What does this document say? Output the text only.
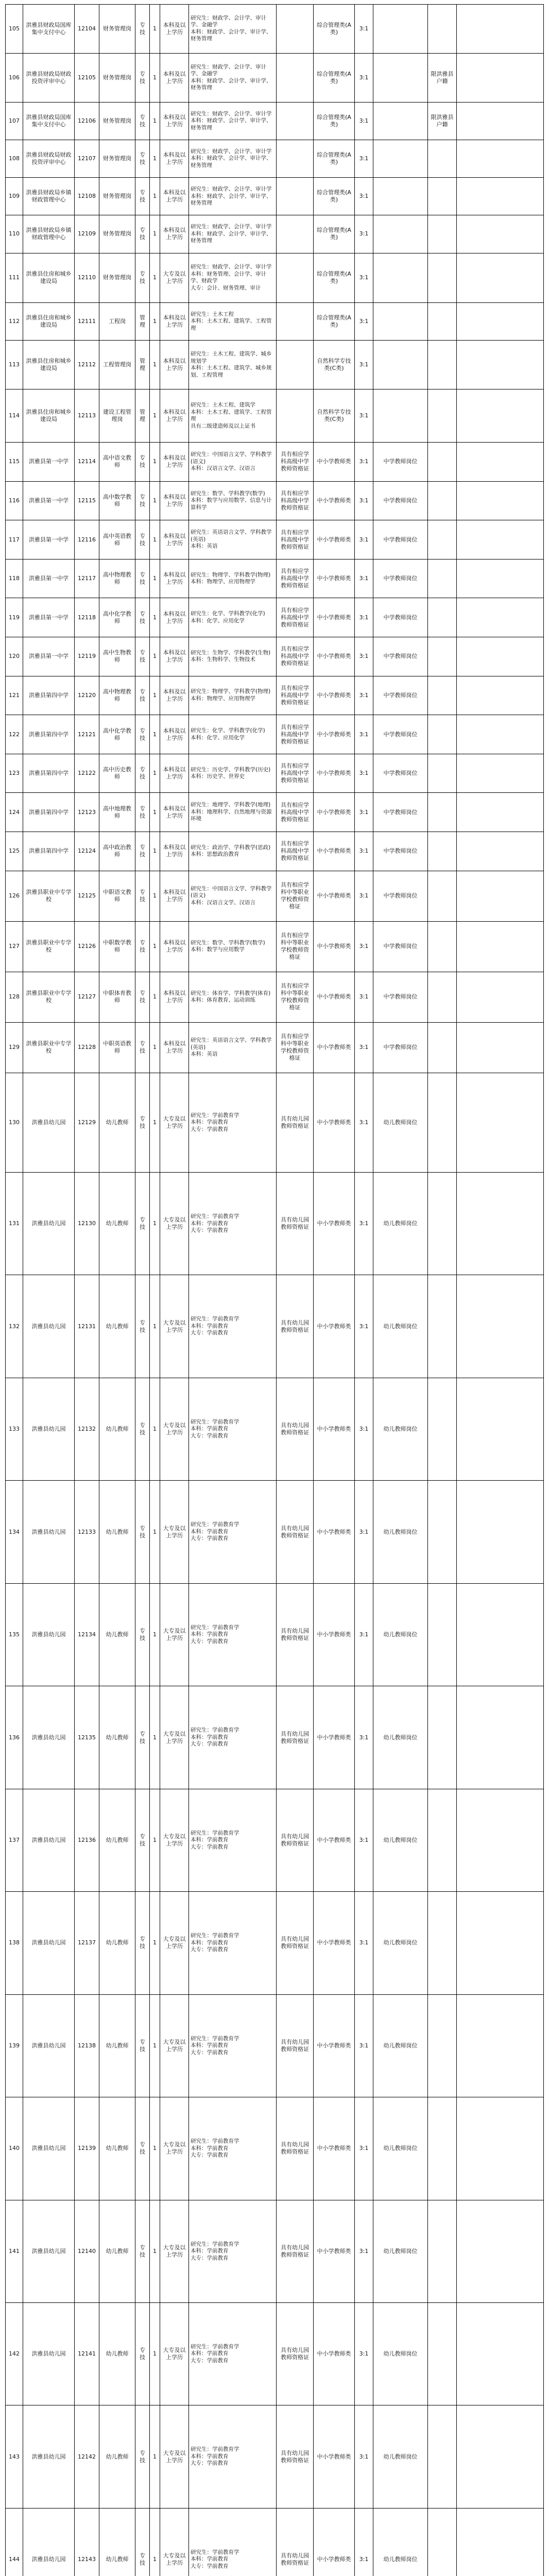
105	洪雅县财政局国库集中支付中心	12104	财务管理岗	专技	1	本科及以上学历	研究生：财政学、会计学、审计学、金融学
本科：财政学、会计学、审计学、财务管理		综合管理类(A类)	3:1			
106	洪雅县财政局财政投资评审中心	12105	财务管理岗	专技	1	本科及以上学历	研究生：财政学、会计学、审计学、金融学
本科：财政学、会计学、审计学、财务管理		综合管理类(A类)	3:1		限洪雅县户籍	
107	洪雅县财政局国库集中支付中心	12106	财务管理岗	专技	1	本科及以上学历	研究生：财政学、会计学、审计学
本科：财政学、会计学、审计学、财务管理		综合管理类(A类)	3:1		限洪雅县户籍	
108	洪雅县财政局财政投资评审中心	12107	财务管理岗	专技	1	本科及以上学历	研究生：财政学、会计学、审计学
本科：财政学、会计学、审计学、财务管理		综合管理类(A类)	3:1			
109	洪雅县财政局乡镇财政管理中心	12108	财务管理岗	专技	1	本科及以上学历	研究生：财政学、会计学、审计学
本科：财政学、会计学、审计学、财务管理		综合管理类(A类)	3:1			
110	洪雅县财政局乡镇财政管理中心	12109	财务管理岗	专技	1	本科及以上学历	研究生：财政学、会计学、审计学
本科：财政学、会计学、审计学、财务管理		综合管理类(A类)	3:1			
111	洪雅县住房和城乡建设局	12110	财务管理岗	专技	1	大专及以上学历	研究生：财政学、会计学、审计学
本科：财务管理、会计学、审计学、财政学
大专：会计、财务管理、审计		综合管理类(A类)	3:1			
112	洪雅县住房和城乡建设局	12111	工程岗	管理	1	本科及以上学历	研究生：土木工程
本科：土木工程、建筑学、工程管理		综合管理类(A类)	3:1			
113	洪雅县住房和城乡建设局	12112	工程管理岗	管理	1	本科及以上学历	研究生：土木工程、建筑学、城乡规划学
本科：土木工程、建筑学、城乡规划、工程管理		自然科学专技类(C类)	3:1			
114	洪雅县住房和城乡建设局	12113	建设工程管理岗	管理	1	本科及以上学历	研究生：土木工程、建筑学
本科：土木工程、建筑学、工程管理
具有二级建造师及以上证书		自然科学专技类(C类)	3:1			
115	洪雅县第一中学	12114	高中语文教师	专技	1	本科及以上学历	研究生：中国语言文学、学科教学(语文)
本科：汉语言文学、汉语言	具有相应学科高级中学教师资格证	中小学教师类	3:1	中学教师岗位		
116	洪雅县第一中学	12115	高中数学教师	专技	1	本科及以上学历	研究生：数学、学科教学(数学)
本科：数学与应用数学、信息与计算科学	具有相应学科高级中学教师资格证	中小学教师类	3:1	中学教师岗位		
117	洪雅县第一中学	12116	高中英语教师	专技	1	本科及以上学历	研究生：英语语言文学、学科教学(英语)
本科：英语	具有相应学科高级中学教师资格证	中小学教师类	3:1	中学教师岗位		
118	洪雅县第一中学	12117	高中物理教师	专技	1	本科及以上学历	研究生：物理学、学科教学(物理)
本科：物理学、应用物理学	具有相应学科高级中学教师资格证	中小学教师类	3:1	中学教师岗位		
119	洪雅县第一中学	12118	高中化学教师	专技	1	本科及以上学历	研究生：化学、学科教学(化学)
本科：化学、应用化学	具有相应学科高级中学教师资格证	中小学教师类	3:1	中学教师岗位		
120	洪雅县第一中学	12119	高中生物教师	专技	1	本科及以上学历	研究生：生物学、学科教学(生物)
本科：生物科学、生物技术	具有相应学科高级中学教师资格证	中小学教师类	3:1	中学教师岗位		
121	洪雅县第四中学	12120	高中物理教师	专技	1	本科及以上学历	研究生：物理学、学科教学(物理)
本科：物理学、应用物理学	具有相应学科高级中学教师资格证	中小学教师类	3:1	中学教师岗位		
122	洪雅县第四中学	12121	高中化学教师	专技	1	本科及以上学历	研究生：化学、学科教学(化学)
本科：化学、应用化学	具有相应学科高级中学教师资格证	中小学教师类	3:1	中学教师岗位		
123	洪雅县第四中学	12122	高中历史教师	专技	1	本科及以上学历	研究生：历史学、学科教学(历史)
本科：历史学、世界史	具有相应学科高级中学教师资格证	中小学教师类	3:1	中学教师岗位		
124	洪雅县第四中学	12123	高中地理教师	专技	1	本科及以上学历	研究生：地理学、学科教学(地理)
本科：地理科学、自然地理与资源环境	具有相应学科高级中学教师资格证	中小学教师类	3:1	中学教师岗位		
125	洪雅县第四中学	12124	高中政治教师	专技	1	本科及以上学历	研究生：政治学、学科教学(思政)
本科：思想政治教育	具有相应学科高级中学教师资格证	中小学教师类	3:1	中学教师岗位		
126	洪雅县职业中专学校	12125	中职语文教师	专技	1	本科及以上学历	研究生：中国语言文学、学科教学(语文)
本科：汉语言文学、汉语言	具有相应学科中等职业学校教师资格证	中小学教师类	3:1	中学教师岗位		
127	洪雅县职业中专学校	12126	中职数学教师	专技	1	本科及以上学历	研究生：数学、学科教学(数学)
本科：数学与应用数学	具有相应学科中等职业学校教师资格证	中小学教师类	3:1	中学教师岗位		
128	洪雅县职业中专学校	12127	中职体育教师	专技	1	本科及以上学历	研究生：体育学、学科教学(体育)
本科：体育教育、运动训练	具有相应学科中等职业学校教师资格证	中小学教师类	3:1	中学教师岗位		
129	洪雅县职业中专学校	12128	中职英语教师	专技	1	本科及以上学历	研究生：英语语言文学、学科教学(英语)
本科：英语	具有相应学科中等职业学校教师资格证	中小学教师类	3:1	中学教师岗位		
130	洪雅县幼儿园	12129	幼儿教师	专技	1	大专及以上学历	研究生：学前教育学
本科：学前教育
大专：学前教育	具有幼儿园教师资格证	中小学教师类	3:1	幼儿教师岗位		
131	洪雅县幼儿园	12130	幼儿教师	专技	1	大专及以上学历	研究生：学前教育学
本科：学前教育
大专：学前教育	具有幼儿园教师资格证	中小学教师类	3:1	幼儿教师岗位		
132	洪雅县幼儿园	12131	幼儿教师	专技	1	大专及以上学历	研究生：学前教育学
本科：学前教育
大专：学前教育	具有幼儿园教师资格证	中小学教师类	3:1	幼儿教师岗位		
133	洪雅县幼儿园	12132	幼儿教师	专技	1	大专及以上学历	研究生：学前教育学
本科：学前教育
大专：学前教育	具有幼儿园教师资格证	中小学教师类	3:1	幼儿教师岗位		
134	洪雅县幼儿园	12133	幼儿教师	专技	1	大专及以上学历	研究生：学前教育学
本科：学前教育
大专：学前教育	具有幼儿园教师资格证	中小学教师类	3:1	幼儿教师岗位		
135	洪雅县幼儿园	12134	幼儿教师	专技	1	大专及以上学历	研究生：学前教育学
本科：学前教育
大专：学前教育	具有幼儿园教师资格证	中小学教师类	3:1	幼儿教师岗位		
136	洪雅县幼儿园	12135	幼儿教师	专技	1	大专及以上学历	研究生：学前教育学
本科：学前教育
大专：学前教育	具有幼儿园教师资格证	中小学教师类	3:1	幼儿教师岗位		
137	洪雅县幼儿园	12136	幼儿教师	专技	1	大专及以上学历	研究生：学前教育学
本科：学前教育
大专：学前教育	具有幼儿园教师资格证	中小学教师类	3:1	幼儿教师岗位		
138	洪雅县幼儿园	12137	幼儿教师	专技	1	大专及以上学历	研究生：学前教育学
本科：学前教育
大专：学前教育	具有幼儿园教师资格证	中小学教师类	3:1	幼儿教师岗位		
139	洪雅县幼儿园	12138	幼儿教师	专技	1	大专及以上学历	研究生：学前教育学
本科：学前教育
大专：学前教育	具有幼儿园教师资格证	中小学教师类	3:1	幼儿教师岗位		
140	洪雅县幼儿园	12139	幼儿教师	专技	1	大专及以上学历	研究生：学前教育学
本科：学前教育
大专：学前教育	具有幼儿园教师资格证	中小学教师类	3:1	幼儿教师岗位		
141	洪雅县幼儿园	12140	幼儿教师	专技	1	大专及以上学历	研究生：学前教育学
本科：学前教育
大专：学前教育	具有幼儿园教师资格证	中小学教师类	3:1	幼儿教师岗位		
142	洪雅县幼儿园	12141	幼儿教师	专技	1	大专及以上学历	研究生：学前教育学
本科：学前教育
大专：学前教育	具有幼儿园教师资格证	中小学教师类	3:1	幼儿教师岗位		
143	洪雅县幼儿园	12142	幼儿教师	专技	1	大专及以上学历	研究生：学前教育学
本科：学前教育
大专：学前教育	具有幼儿园教师资格证	中小学教师类	3:1	幼儿教师岗位		
144	洪雅县幼儿园	12143	幼儿教师	专技	1	大专及以上学历	研究生：学前教育学
本科：学前教育
大专：学前教育	具有幼儿园教师资格证	中小学教师类	3:1	幼儿教师岗位		
